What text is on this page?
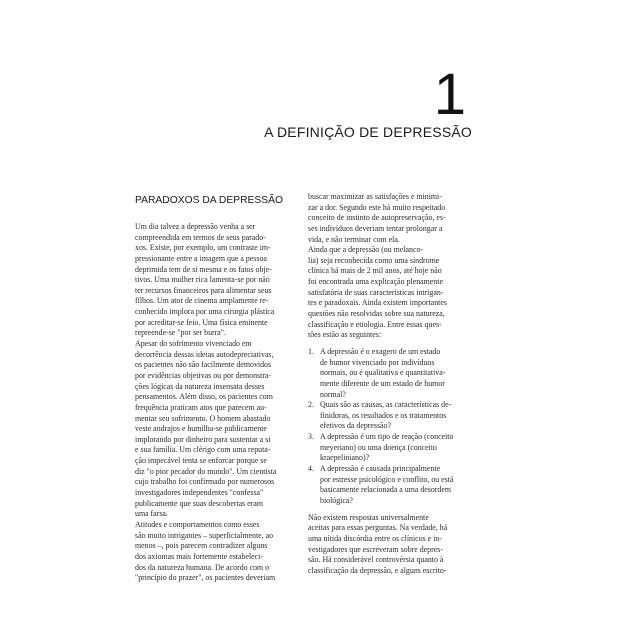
1
A DEFINIÇÃO DE DEPRESSÃO
PARADOXOS DA DEPRESSÃO
Um dia talvez a depressão venha a ser
compreendida em termos de seus parado-
xos. Existe, por exemplo, um contraste im-
pressionante entre a imagem que a pessoa
deprimida tem de si mesma e os fatos obje-
tivos. Uma mulher rica lamenta-se por não
ter recursos financeiros para alimentar seus
filhos. Um ator de cinema amplamente re-
conhecido implora por uma cirurgia plástica
por acreditar-se feio. Uma física eminente
repreende-se "por ser burra".
Apesar do sofrimento vivenciado em
decorrência dessas ideias autodepreciativas,
os pacientes não são facilmente demovidos
por evidências objetivas ou por demonstra-
ções lógicas da natureza insensata desses
pensamentos. Além disso, os pacientes com
frequência praticam atos que parecem au-
mentar seu sofrimento. O homem abastado
veste andrajos e humilha-se publicamente
implorando por dinheiro para sustentar a si
e sua família. Um clérigo com uma reputa-
ção impecável tenta se enforcar porque se
diz "o pior pecador do mundo". Um cientista
cujo trabalho foi confirmado por numerosos
investigadores independentes "confessa"
publicamente que suas descobertas eram
uma farsa.
Atitudes e comportamentos como esses
são muito intrigantes – superficialmente, ao
menos –, pois parecem contradizer alguns
dos axiomas mais fortemente estabeleci-
dos da natureza humana. De acordo com o
"princípio do prazer", os pacientes deveriam
buscar maximizar as satisfações e minimi-
zar a dor. Segundo este há muito respeitado
conceito de instinto de autopreservação, es-
ses indivíduos deveriam tentar prolongar a
vida, e não terminar com ela.
Ainda que a depressão (ou melanco-
lia) seja reconhecida como uma síndrome
clínica há mais de 2 mil anos, até hoje não
foi encontrada uma explicação plenamente
satisfatória de suas características intrigan-
tes e paradoxais. Ainda existem importantes
questões não resolvidas sobre sua natureza,
classificação e etiologia. Entre essas ques-
tões estão as seguintes:
1. A depressão é o exagero de um estado
de humor vivenciado por indivíduos
normais, ou é qualitativa e quantitativa-
mente diferente de um estado de humor
normal?
2. Quais são as causas, as características de-
finidoras, os resultados e os tratamentos
efetivos da depressão?
3. A depressão é um tipo de reação (conceito
meyeriano) ou uma doença (conceito
kraepeliniano)?
4. A depressão é causada principalmente
por estresse psicológico e conflito, ou está
basicamente relacionada a uma desordem
biológica?
Não existem respostas universalmente
aceitas para essas perguntas. Na verdade, há
uma nítida discórdia entre os clínicos e in-
vestigadores que escreveram sobre depres-
são. Há considerável controvérsia quanto à
classificação da depressão, e alguns escrito-
